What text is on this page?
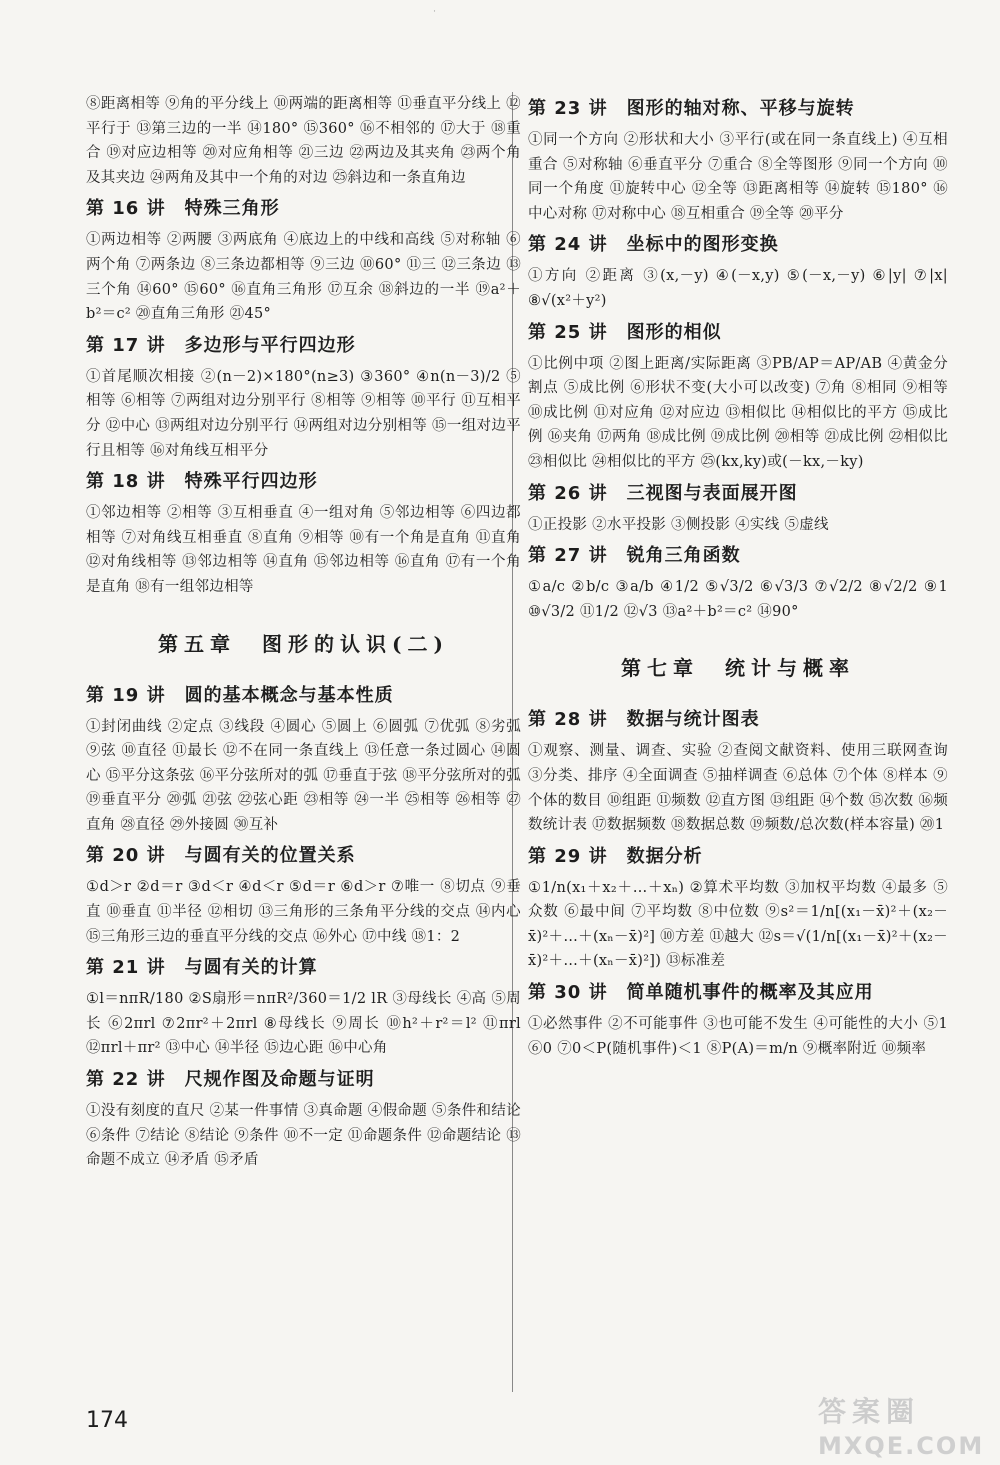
˙
⑧距离相等 ⑨角的平分线上 ⑩两端的距离相等 ⑪垂直平分线上 ⑫平行于 ⑬第三边的一半 ⑭180° ⑮360° ⑯不相邻的 ⑰大于 ⑱重合 ⑲对应边相等 ⑳对应角相等 ㉑三边 ㉒两边及其夹角 ㉓两个角及其夹边 ㉔两角及其中一个角的对边 ㉕斜边和一条直角边
第 16 讲　特殊三角形
①两边相等 ②两腰 ③两底角 ④底边上的中线和高线 ⑤对称轴 ⑥两个角 ⑦两条边 ⑧三条边都相等 ⑨三边 ⑩60° ⑪三 ⑫三条边 ⑬三个角 ⑭60° ⑮60° ⑯直角三角形 ⑰互余 ⑱斜边的一半 ⑲a²＋b²＝c² ⑳直角三角形 ㉑45°
第 17 讲　多边形与平行四边形
①首尾顺次相接 ②(n－2)×180°(n≥3) ③360° ④n(n－3)/2 ⑤相等 ⑥相等 ⑦两组对边分别平行 ⑧相等 ⑨相等 ⑩平行 ⑪互相平分 ⑫中心 ⑬两组对边分别平行 ⑭两组对边分别相等 ⑮一组对边平行且相等 ⑯对角线互相平分
第 18 讲　特殊平行四边形
①邻边相等 ②相等 ③互相垂直 ④一组对角 ⑤邻边相等 ⑥四边都相等 ⑦对角线互相垂直 ⑧直角 ⑨相等 ⑩有一个角是直角 ⑪直角 ⑫对角线相等 ⑬邻边相等 ⑭直角 ⑮邻边相等 ⑯直角 ⑰有一个角是直角 ⑱有一组邻边相等
第五章　图形的认识(二)
第 19 讲　圆的基本概念与基本性质
①封闭曲线 ②定点 ③线段 ④圆心 ⑤圆上 ⑥圆弧 ⑦优弧 ⑧劣弧 ⑨弦 ⑩直径 ⑪最长 ⑫不在同一条直线上 ⑬任意一条过圆心 ⑭圆心 ⑮平分这条弦 ⑯平分弦所对的弧 ⑰垂直于弦 ⑱平分弦所对的弧 ⑲垂直平分 ⑳弧 ㉑弦 ㉒弦心距 ㉓相等 ㉔一半 ㉕相等 ㉖相等 ㉗直角 ㉘直径 ㉙外接圆 ㉚互补
第 20 讲　与圆有关的位置关系
①d＞r ②d＝r ③d＜r ④d＜r ⑤d＝r ⑥d＞r ⑦唯一 ⑧切点 ⑨垂直 ⑩垂直 ⑪半径 ⑫相切 ⑬三角形的三条角平分线的交点 ⑭内心 ⑮三角形三边的垂直平分线的交点 ⑯外心 ⑰中线 ⑱1：2
第 21 讲　与圆有关的计算
①l＝nπR/180 ②S扇形＝nπR²/360＝1/2 lR ③母线长 ④高 ⑤周长 ⑥2πrl ⑦2πr²＋2πrl ⑧母线长 ⑨周长 ⑩h²＋r²＝l² ⑪πrl ⑫πrl＋πr² ⑬中心 ⑭半径 ⑮边心距 ⑯中心角
第 22 讲　尺规作图及命题与证明
①没有刻度的直尺 ②某一件事情 ③真命题 ④假命题 ⑤条件和结论 ⑥条件 ⑦结论 ⑧结论 ⑨条件 ⑩不一定 ⑪命题条件 ⑫命题结论 ⑬命题不成立 ⑭矛盾 ⑮矛盾
第 23 讲　图形的轴对称、平移与旋转
①同一个方向 ②形状和大小 ③平行(或在同一条直线上) ④互相重合 ⑤对称轴 ⑥垂直平分 ⑦重合 ⑧全等图形 ⑨同一个方向 ⑩同一个角度 ⑪旋转中心 ⑫全等 ⑬距离相等 ⑭旋转 ⑮180° ⑯中心对称 ⑰对称中心 ⑱互相重合 ⑲全等 ⑳平分
第 24 讲　坐标中的图形变换
①方向 ②距离 ③(x,－y) ④(－x,y) ⑤(－x,－y) ⑥|y| ⑦|x| ⑧√(x²＋y²)
第 25 讲　图形的相似
①比例中项 ②图上距离/实际距离 ③PB/AP＝AP/AB ④黄金分割点 ⑤成比例 ⑥形状不变(大小可以改变) ⑦角 ⑧相同 ⑨相等 ⑩成比例 ⑪对应角 ⑫对应边 ⑬相似比 ⑭相似比的平方 ⑮成比例 ⑯夹角 ⑰两角 ⑱成比例 ⑲成比例 ⑳相等 ㉑成比例 ㉒相似比 ㉓相似比 ㉔相似比的平方 ㉕(kx,ky)或(－kx,－ky)
第 26 讲　三视图与表面展开图
①正投影 ②水平投影 ③侧投影 ④实线 ⑤虚线
第 27 讲　锐角三角函数
①a/c ②b/c ③a/b ④1/2 ⑤√3/2 ⑥√3/3 ⑦√2/2 ⑧√2/2 ⑨1 ⑩√3/2 ⑪1/2 ⑫√3 ⑬a²＋b²＝c² ⑭90°
第七章　统计与概率
第 28 讲　数据与统计图表
①观察、测量、调查、实验 ②查阅文献资料、使用三联网查询 ③分类、排序 ④全面调查 ⑤抽样调查 ⑥总体 ⑦个体 ⑧样本 ⑨个体的数目 ⑩组距 ⑪频数 ⑫直方图 ⑬组距 ⑭个数 ⑮次数 ⑯频数统计表 ⑰数据频数 ⑱数据总数 ⑲频数/总次数(样本容量) ⑳1
第 29 讲　数据分析
①1/n(x₁＋x₂＋…＋xₙ) ②算术平均数 ③加权平均数 ④最多 ⑤众数 ⑥最中间 ⑦平均数 ⑧中位数 ⑨s²＝1/n[(x₁－x̄)²＋(x₂－x̄)²＋…＋(xₙ－x̄)²] ⑩方差 ⑪越大 ⑫s＝√(1/n[(x₁－x̄)²＋(x₂－x̄)²＋…＋(xₙ－x̄)²]) ⑬标准差
第 30 讲　简单随机事件的概率及其应用
①必然事件 ②不可能事件 ③也可能不发生 ④可能性的大小 ⑤1 ⑥0 ⑦0＜P(随机事件)＜1 ⑧P(A)＝m/n ⑨概率附近 ⑩频率
174	答案圈
MXQE.COM
